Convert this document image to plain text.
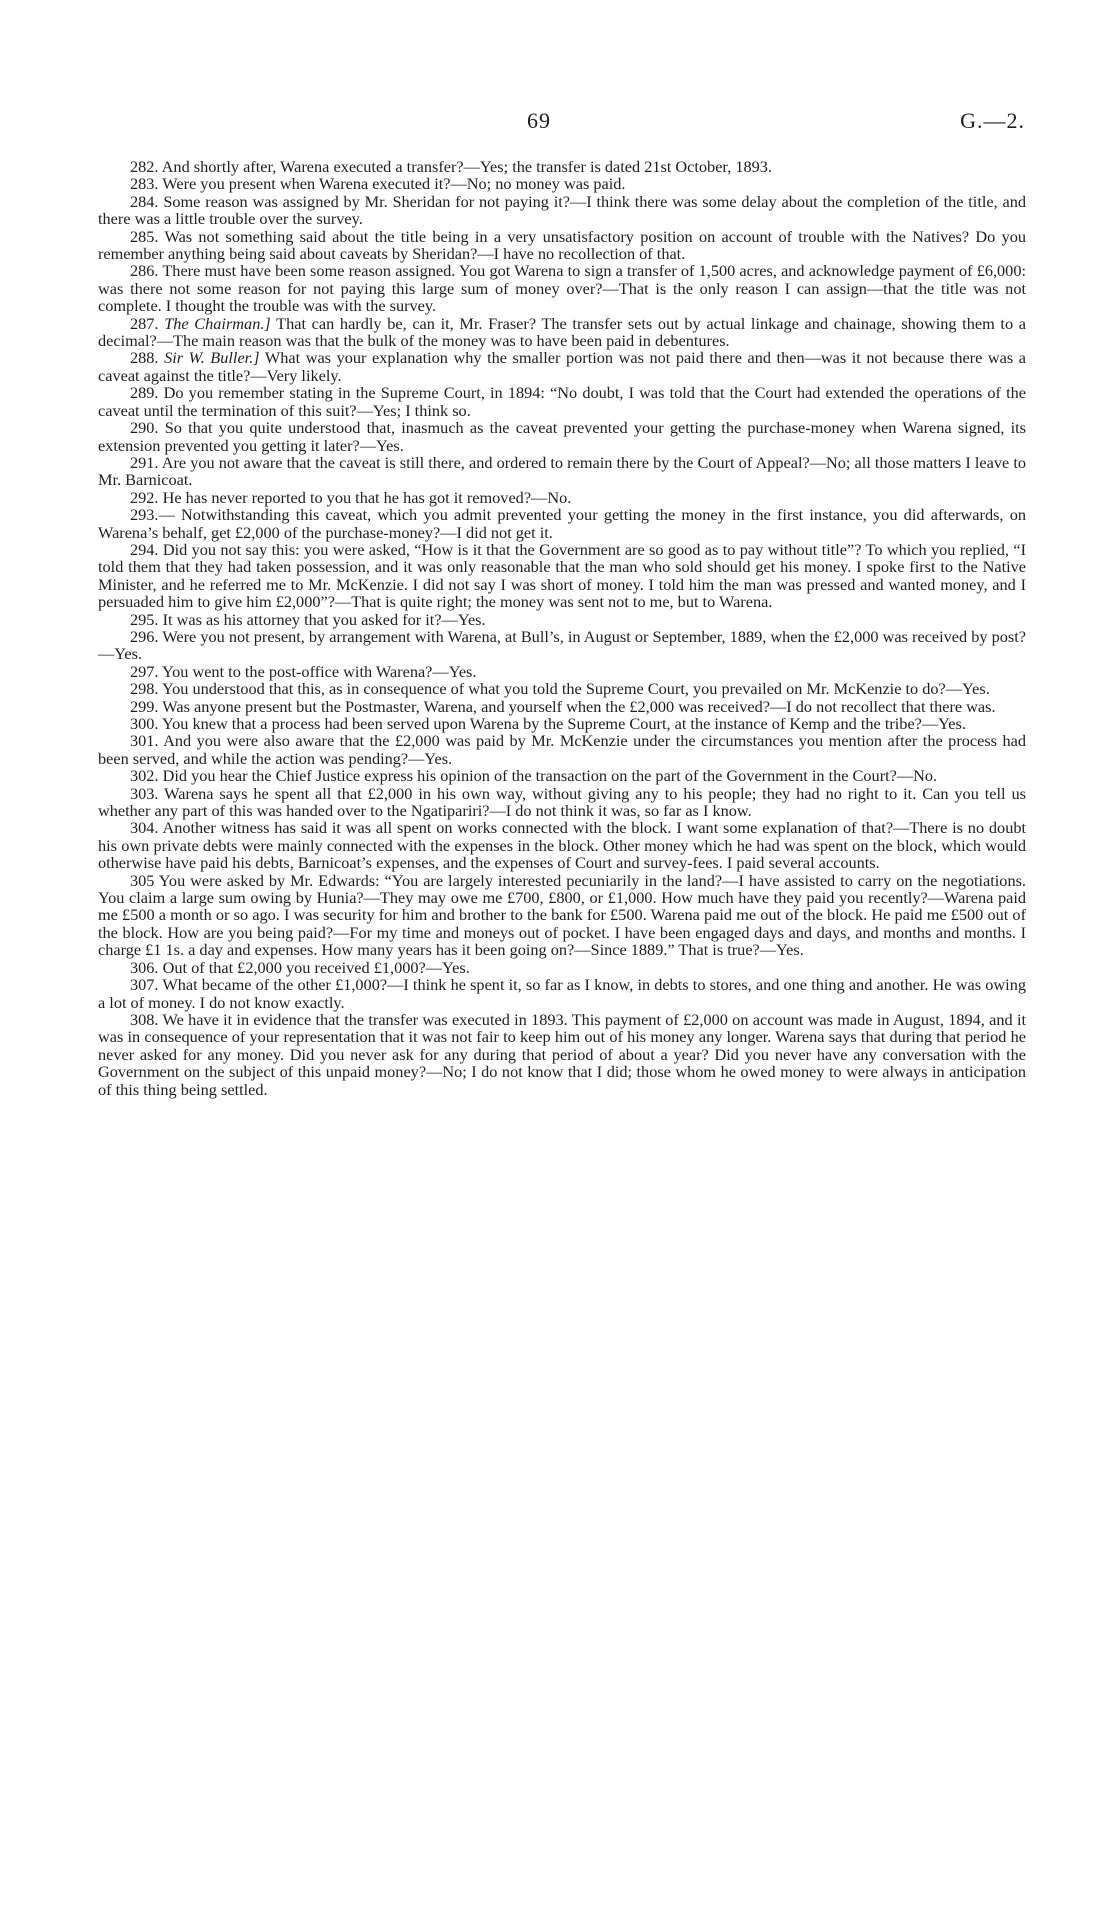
69	G.—2.

282. And shortly after, Warena executed a transfer?—Yes; the transfer is dated 21st October, 1893.

283. Were you present when Warena executed it?—No; no money was paid.

284. Some reason was assigned by Mr. Sheridan for not paying it?—I think there was some delay about the completion of the title, and there was a little trouble over the survey.

285. Was not something said about the title being in a very unsatisfactory position on account of trouble with the Natives? Do you remember anything being said about caveats by Sheridan?—I have no recollection of that.

286. There must have been some reason assigned. You got Warena to sign a transfer of 1,500 acres, and acknowledge payment of £6,000: was there not some reason for not paying this large sum of money over?—That is the only reason I can assign—that the title was not complete. I thought the trouble was with the survey.

287. The Chairman.] That can hardly be, can it, Mr. Fraser? The transfer sets out by actual linkage and chainage, showing them to a decimal?—The main reason was that the bulk of the money was to have been paid in debentures.

288. Sir W. Buller.] What was your explanation why the smaller portion was not paid there and then—was it not because there was a caveat against the title?—Very likely.

289. Do you remember stating in the Supreme Court, in 1894: “No doubt, I was told that the Court had extended the operations of the caveat until the termination of this suit?—Yes; I think so.

290. So that you quite understood that, inasmuch as the caveat prevented your getting the purchase-money when Warena signed, its extension prevented you getting it later?—Yes.

291. Are you not aware that the caveat is still there, and ordered to remain there by the Court of Appeal?—No; all those matters I leave to Mr. Barnicoat.

292. He has never reported to you that he has got it removed?—No.

293.— Notwithstanding this caveat, which you admit prevented your getting the money in the first instance, you did afterwards, on Warena’s behalf, get £2,000 of the purchase-money?—I did not get it.

294. Did you not say this: you were asked, “How is it that the Government are so good as to pay without title”? To which you replied, “I told them that they had taken possession, and it was only reasonable that the man who sold should get his money. I spoke first to the Native Minister, and he referred me to Mr. McKenzie. I did not say I was short of money. I told him the man was pressed and wanted money, and I persuaded him to give him £2,000”?—That is quite right; the money was sent not to me, but to Warena.

295. It was as his attorney that you asked for it?—Yes.

296. Were you not present, by arrangement with Warena, at Bull’s, in August or September, 1889, when the £2,000 was received by post?—Yes.

297. You went to the post-office with Warena?—Yes.

298. You understood that this, as in consequence of what you told the Supreme Court, you prevailed on Mr. McKenzie to do?—Yes.

299. Was anyone present but the Postmaster, Warena, and yourself when the £2,000 was received?—I do not recollect that there was.

300. You knew that a process had been served upon Warena by the Supreme Court, at the instance of Kemp and the tribe?—Yes.

301. And you were also aware that the £2,000 was paid by Mr. McKenzie under the circumstances you mention after the process had been served, and while the action was pending?—Yes.

302. Did you hear the Chief Justice express his opinion of the transaction on the part of the Government in the Court?—No.

303. Warena says he spent all that £2,000 in his own way, without giving any to his people; they had no right to it. Can you tell us whether any part of this was handed over to the Ngatipariri?—I do not think it was, so far as I know.

304. Another witness has said it was all spent on works connected with the block. I want some explanation of that?—There is no doubt his own private debts were mainly connected with the expenses in the block. Other money which he had was spent on the block, which would otherwise have paid his debts, Barnicoat’s expenses, and the expenses of Court and survey-fees. I paid several accounts.

305 You were asked by Mr. Edwards: “You are largely interested pecuniarily in the land?—I have assisted to carry on the negotiations. You claim a large sum owing by Hunia?—They may owe me £700, £800, or £1,000. How much have they paid you recently?—Warena paid me £500 a month or so ago. I was security for him and brother to the bank for £500. Warena paid me out of the block. He paid me £500 out of the block. How are you being paid?—For my time and moneys out of pocket. I have been engaged days and days, and months and months. I charge £1 1s. a day and expenses. How many years has it been going on?—Since 1889.” That is true?—Yes.

306. Out of that £2,000 you received £1,000?—Yes.

307. What became of the other £1,000?—I think he spent it, so far as I know, in debts to stores, and one thing and another. He was owing a lot of money. I do not know exactly.

308. We have it in evidence that the transfer was executed in 1893. This payment of £2,000 on account was made in August, 1894, and it was in consequence of your representation that it was not fair to keep him out of his money any longer. Warena says that during that period he never asked for any money. Did you never ask for any during that period of about a year? Did you never have any conversation with the Government on the subject of this unpaid money?—No; I do not know that I did; those whom he owed money to were always in anticipation of this thing being settled.
